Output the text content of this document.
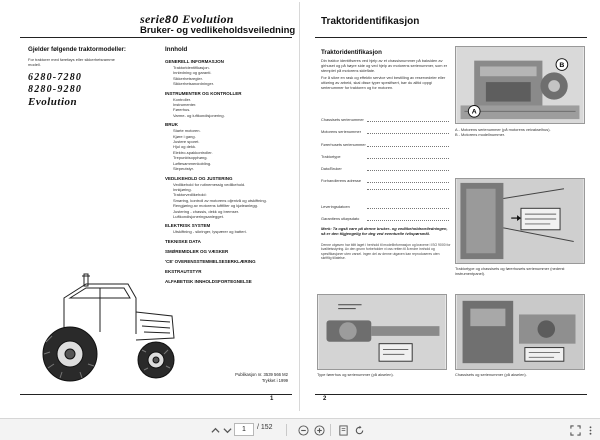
serie80 Evolution
Bruker- og vedlikeholdsveiledning
Gjelder følgende traktormodeller:
For traktorer med føreføys eller sikkerhetsramme modell.
6280-7280
8280-9280
Evolution
Innhold
GENERELL INFORMASJON
Traktoridentifikasjon.
Innledning og garanti.
Sikkerhetsregler.
Sikkerhetsanordninger.
INSTRUMENTER OG KONTROLLER
Kontroller.
Instrumenter.
Førerhus.
Varme- og luftkondisjonering.
BRUK
Starte motoren.
Kjøre i gang.
Justere sporet.
Hjul og dekk.
Elektro-spakkontroller.
Trepunktsopphøng.
Løftesammenkobling.
Slepeutstyr.
VEDLIKEHOLD OG JUSTERING
Vedlikehold for rutinemessig vedlikehold.
Innkjøring.
Traktorvedlikehold:
Smøring, kontroll av motorens oljenivå og utskiftning.
Rengjøring av motorens luftfilter og kjøleanlegg.
Justering - chassis, dekk og bremser.
Luftkondisjoneringsanlegget.
ELEKTRISK SYSTEM
Utskiftning - sikringer, lyspærer og batteri.
TEKNISKE DATA
SMØREMIDLER OG VÆSKER
'CE' OVERENSSTEMMELSESERKLÆRING
EKSTRAUTSTYR
ALFABETISK INNHOLDSFORTEGNELSE
Publikasjon nr. 3539 566 M2
Trykket i 1999
1
Traktoridentifikasjon
Traktoridentifikasjon

Din traktor identifiseres ved hjelp av et chassisnummer på baksiden av girhuset og på høyre side og ved hjelp av motorens serienummer, som er stemplet på motorens sideflate.

For å sikre en rask og effektiv service ved bestilling av reservedeler eller utføring av arbeid, skal disse typer spesifisert, bør du alltid oppgi serienummer for traktoren og for motoren.

Chassisets serienummer
Motorens serienummer
Førerhusets serienummer
Traktortype
Dato/Bruker
Forhandlerens adresse
Leveringsdatoen
Garantiens utløpsdato
Merk: Ta også vare på denne bruker- og vedlikeholdsveiledningen, så er den tilgjengelig for deg ved eventuelle tvilspørsmål.
Denne utgaven har blitt laget i henhold til modellinformasjon og kravene i ISO 9000 for kvalitetsstyring. Av den grunn forbeholder vi oss retten til å endre innhold og spesifikasjoner uten varsel. Ingen del av denne utgaven kan reproduseres uten skriftlig tillatelse.
B
A
A - Motorens serienummer (på motorens veivakselhus).
B - Motorens modellnummer.
Traktortype og chassisets og førerhusets serienummer (nederst instrumentpanel).
Type førerhus og serienummer (på akselen).	Chassisets og serienummer (på akselen).
2
1	/ 152
